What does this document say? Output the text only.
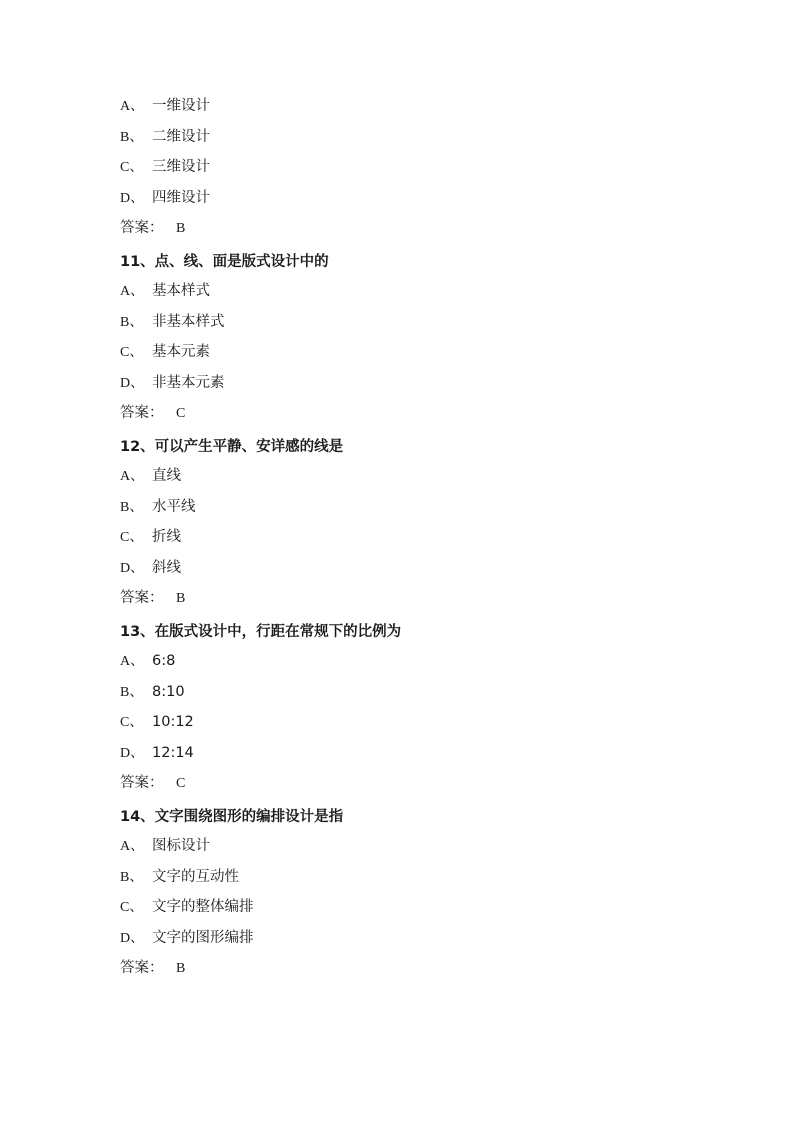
A、 一维设计
B、 二维设计
C、 三维设计
D、 四维设计
答案： B
11、点、线、面是版式设计中的
A、 基本样式
B、 非基本样式
C、 基本元素
D、 非基本元素
答案： C
12、可以产生平静、安详感的线是
A、 直线
B、 水平线
C、 折线
D、 斜线
答案： B
13、在版式设计中，行距在常规下的比例为
A、 6:8
B、 8:10
C、 10:12
D、 12:14
答案： C
14、文字围绕图形的编排设计是指
A、 图标设计
B、 文字的互动性
C、 文字的整体编排
D、 文字的图形编排
答案： B
